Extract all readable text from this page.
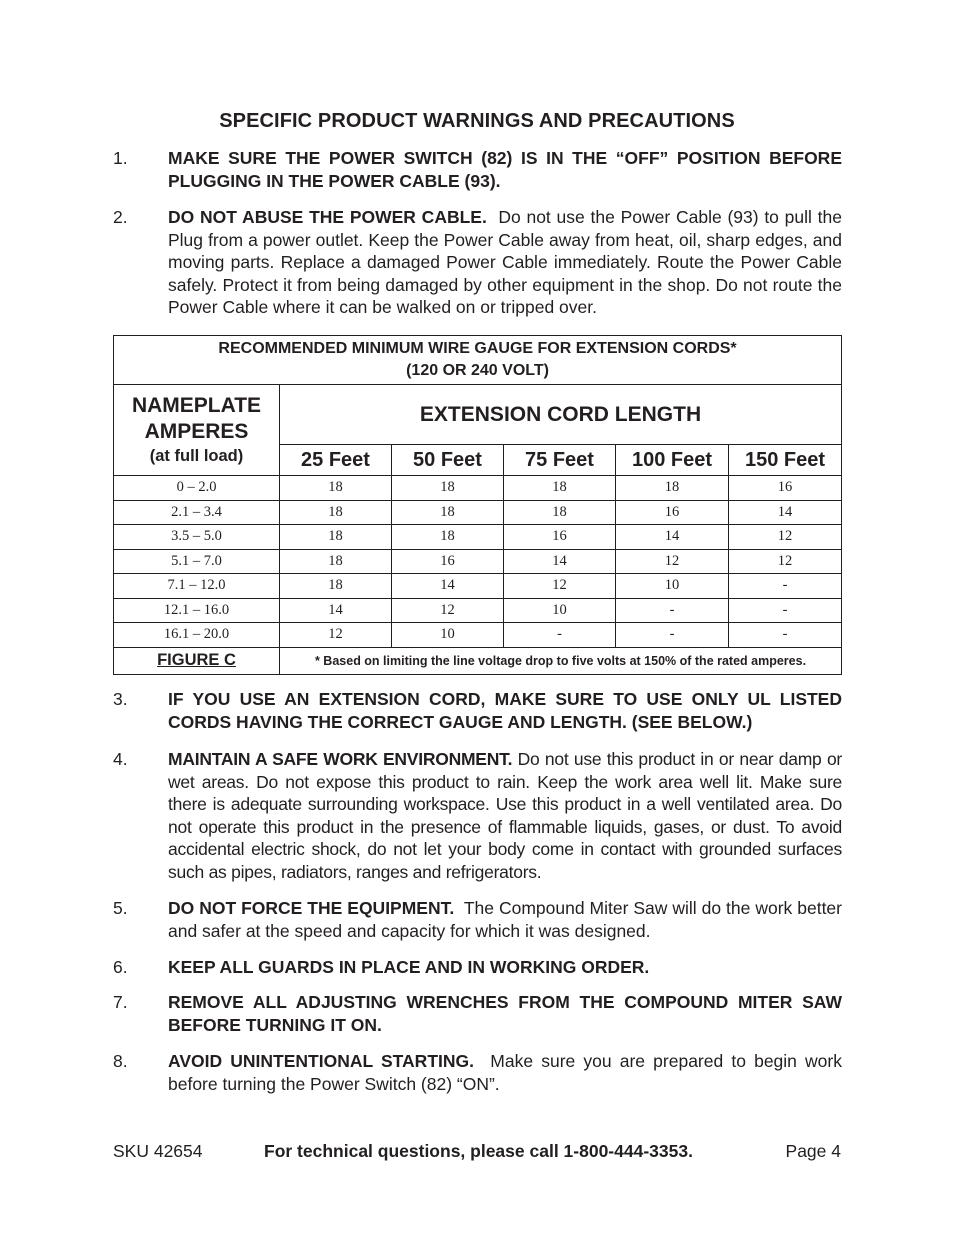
SPECIFIC PRODUCT WARNINGS AND PRECAUTIONS
1. MAKE SURE THE POWER SWITCH (82) IS IN THE “OFF” POSITION BEFORE PLUGGING IN THE POWER CABLE (93).
2. DO NOT ABUSE THE POWER CABLE. Do not use the Power Cable (93) to pull the Plug from a power outlet. Keep the Power Cable away from heat, oil, sharp edges, and moving parts. Replace a damaged Power Cable immediately. Route the Power Cable safely. Protect it from being damaged by other equipment in the shop. Do not route the Power Cable where it can be walked on or tripped over.
RECOMMENDED MINIMUM WIRE GAUGE FOR EXTENSION CORDS*
(120 OR 240 VOLT)					

NAMEPLATE
AMPERES
(at full load)	EXTENSION CORD LENGTH				
	25 Feet	50 Feet	75 Feet	100 Feet	150 Feet
0 – 2.0	18	18	18	18	16
2.1 – 3.4	18	18	18	16	14
3.5 – 5.0	18	18	16	14	12
5.1 – 7.0	18	16	14	12	12
7.1 – 12.0	18	14	12	10	-
12.1 – 16.0	14	12	10	-	-
16.1 – 20.0	12	10	-	-	-
FIGURE C	* Based on limiting the line voltage drop to five volts at 150% of the rated amperes.				
3. IF YOU USE AN EXTENSION CORD, MAKE SURE TO USE ONLY UL LISTED CORDS HAVING THE CORRECT GAUGE AND LENGTH. (SEE BELOW.)
4. MAINTAIN A SAFE WORK ENVIRONMENT. Do not use this product in or near damp or wet areas. Do not expose this product to rain. Keep the work area well lit. Make sure there is adequate surrounding workspace. Use this product in a well ventilated area. Do not operate this product in the presence of flammable liquids, gases, or dust. To avoid accidental electric shock, do not let your body come in contact with grounded surfaces such as pipes, radiators, ranges and refrigerators.
5. DO NOT FORCE THE EQUIPMENT. The Compound Miter Saw will do the work better and safer at the speed and capacity for which it was designed.
6. KEEP ALL GUARDS IN PLACE AND IN WORKING ORDER.
7. REMOVE ALL ADJUSTING WRENCHES FROM THE COMPOUND MITER SAW BEFORE TURNING IT ON.
8. AVOID UNINTENTIONAL STARTING. Make sure you are prepared to begin work before turning the Power Switch (82) “ON”.
SKU 42654	For technical questions, please call 1-800-444-3353.	Page 4
